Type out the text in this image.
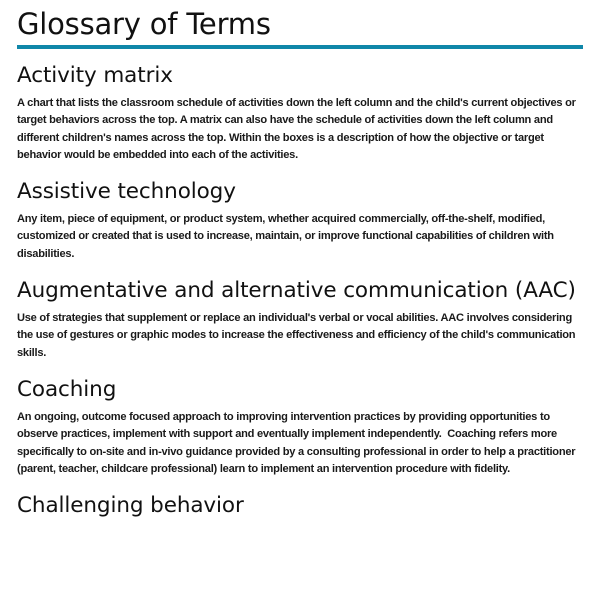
Glossary of Terms
Activity matrix

A chart that lists the classroom schedule of activities down the left column and the child's current objectives or target behaviors across the top. A matrix can also have the schedule of activities down the left column and different children's names across the top. Within the boxes is a description of how the objective or target behavior would be embedded into each of the activities.

Assistive technology

Any item, piece of equipment, or product system, whether acquired commercially, off-the-shelf, modified, customized or created that is used to increase, maintain, or improve functional capabilities of children with disabilities.

Augmentative and alternative communication (AAC)

Use of strategies that supplement or replace an individual's verbal or vocal abilities. AAC involves considering the use of gestures or graphic modes to increase the effectiveness and efficiency of the child's communication skills.

Coaching

An ongoing, outcome focused approach to improving intervention practices by providing opportunities to observe practices, implement with support and eventually implement independently.  Coaching refers more specifically to on-site and in-vivo guidance provided by a consulting professional in order to help a practitioner (parent, teacher, childcare professional) learn to implement an intervention procedure with fidelity.

Challenging behavior
